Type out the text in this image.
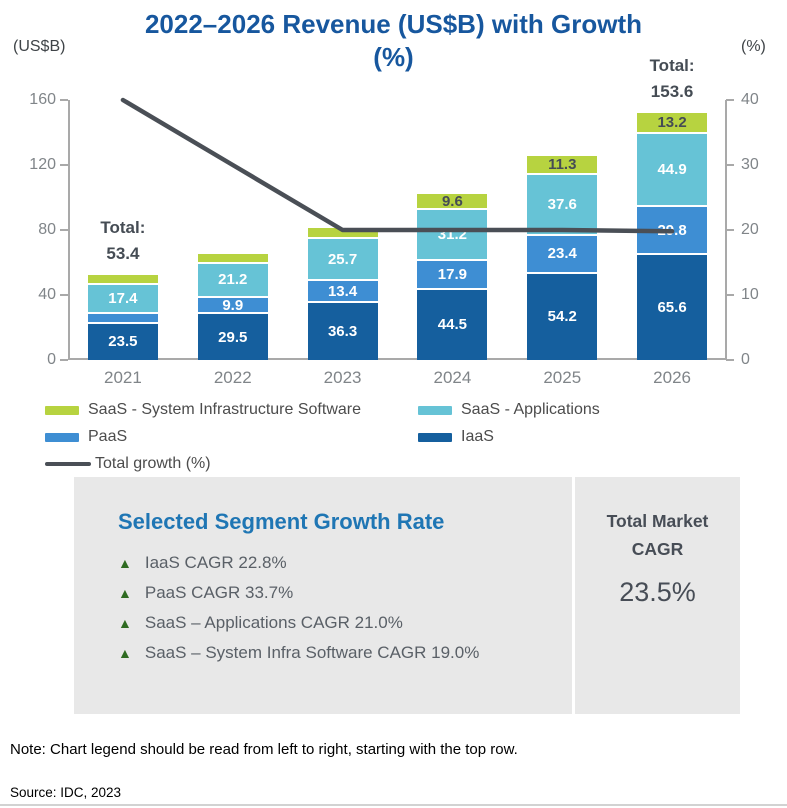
2022–2026 Revenue (US$B) with Growth (%)
(US$B)	(%)
Selected Segment Growth Rate
▲ IaaS CAGR 22.8%
▲ PaaS CAGR 33.7%
▲ SaaS – Applications CAGR 21.0%
▲ SaaS – System Infra Software CAGR 19.0%
Total Market
CAGR
23.5%
Note: Chart legend should be read from left to right, starting with the top row.
Source: IDC, 2023
160
120
80
40
0
40
30
20
10
0
23.5
17.4
2021
29.5
9.9
21.2
2022
36.3
13.4
25.7
2023
44.5
17.9
31.2
9.6
2024
54.2
23.4
37.6
11.3
2025
65.6
29.8
44.9
13.2
2026
Total:
53.4
Total:
153.6
SaaS - System Infrastructure Software	SaaS - Applications
PaaS	IaaS
Total growth (%)
